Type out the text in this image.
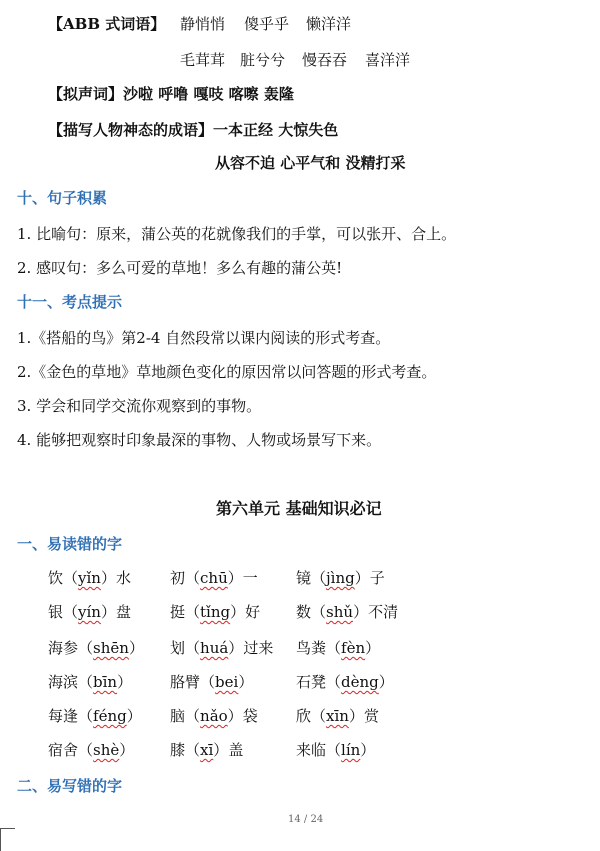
【ABB 式词语】 静悄悄 傻乎乎 懒洋洋
毛茸茸 脏兮兮 慢吞吞 喜洋洋
【拟声词】沙啦 呼噜 嘎吱 喀嚓 轰隆
【描写人物神态的成语】 一本正经 大惊失色
从容不迫 心平气和 没精打采
十、句子积累
1. 比喻句：原来，蒲公英的花就像我们的手掌，可以张开、合上。
2. 感叹句：多么可爱的草地！多么有趣的蒲公英!
十一、考点提示
1.《搭船的鸟》第2-4 自然段常以课内阅读的形式考查。
2.《金色的草地》草地颜色变化的原因常以问答题的形式考查。
3. 学会和同学交流你观察到的事物。
4. 能够把观察时印象最深的事物、人物或场景写下来。
第六单元 基础知识必记
一、易读错的字
饮（yǐn）水	初（chū）一	镜（jìng）子
银（yín）盘	挺（tǐng）好 数（shǔ）不清
海参（shēn） 划（huá）过来 鸟粪（fèn）
海滨（bīn）	胳臂（bei）	石凳（dèng）
每逢（féng） 脑（nǎo）袋	欣（xīn）赏
宿舍（shè） 膝（xī）盖	来临（lín）
二、易写错的字
14 / 24
